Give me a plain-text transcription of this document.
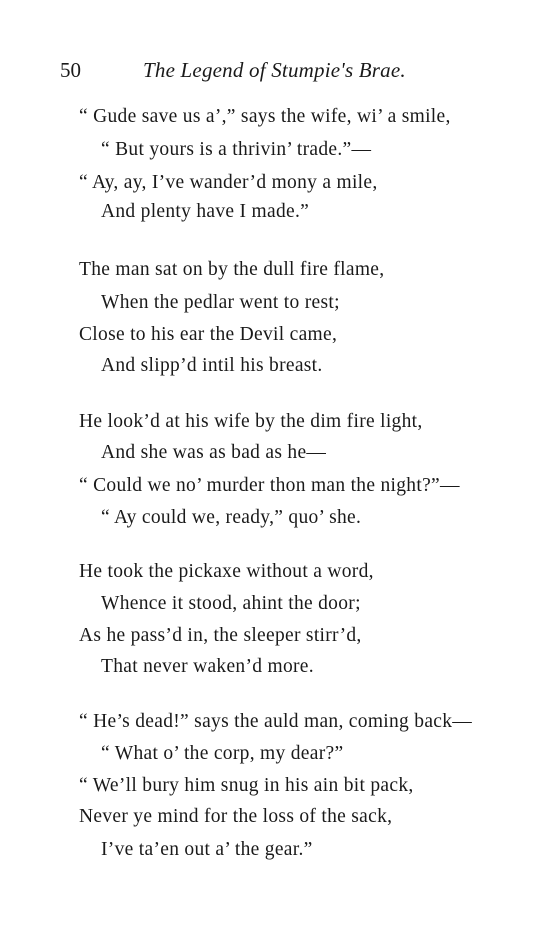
50	The Legend of Stumpie's Brae.
“ Gude save us a’,” says the wife, wi’ a smile,
“ But yours is a thrivin’ trade.”—
“ Ay, ay, I’ve wander’d mony a mile,
And plenty have I made.”
The man sat on by the dull fire flame,
When the pedlar went to rest;
Close to his ear the Devil came,
And slipp’d intil his breast.
He look’d at his wife by the dim fire light,
And she was as bad as he—
“ Could we no’ murder thon man the night?”—
“ Ay could we, ready,” quo’ she.
He took the pickaxe without a word,
Whence it stood, ahint the door;
As he pass’d in, the sleeper stirr’d,
That never waken’d more.
“ He’s dead!” says the auld man, coming back—
“ What o’ the corp, my dear?”
“ We’ll bury him snug in his ain bit pack,
Never ye mind for the loss of the sack,
I’ve ta’en out a’ the gear.”
